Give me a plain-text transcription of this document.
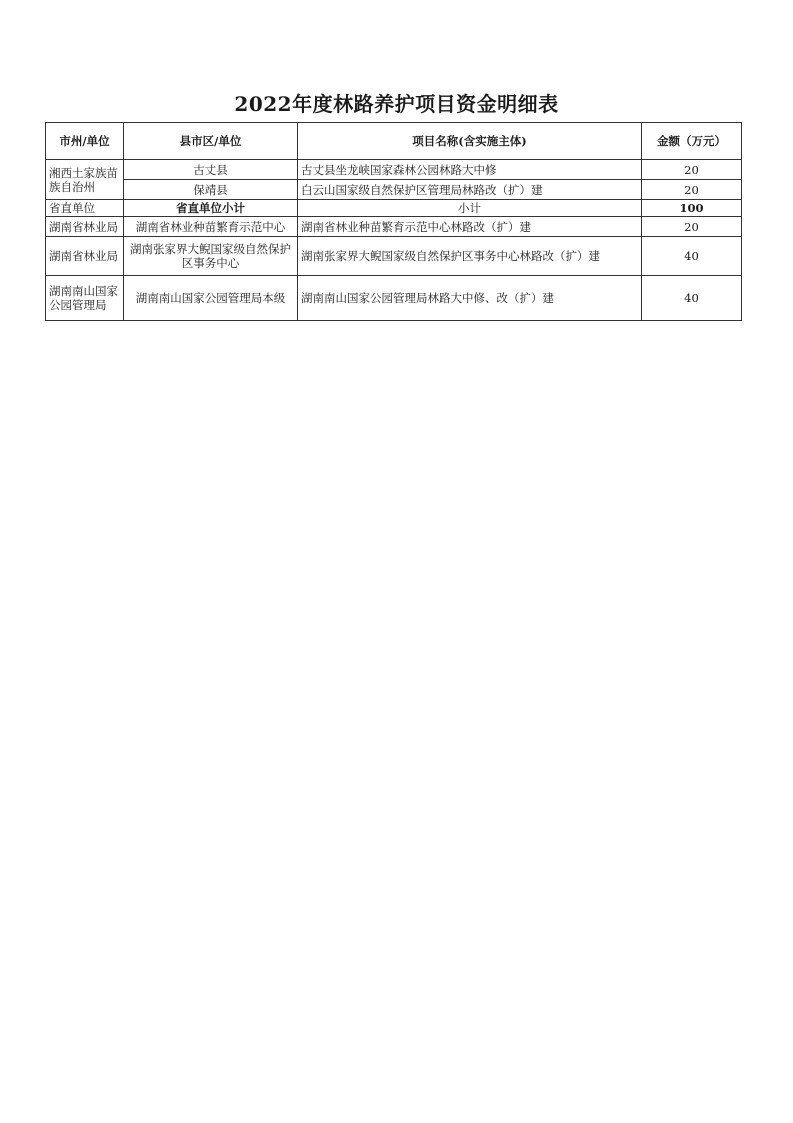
2022年度林路养护项目资金明细表
市州/单位	县市区/单位	项目名称(含实施主体)	金额（万元）
湘西土家族苗族自治州	古丈县	古丈县坐龙峡国家森林公园林路大中修	20
	保靖县	白云山国家级自然保护区管理局林路改（扩）建	20
省直单位	省直单位小计	小计	100
湖南省林业局	湖南省林业种苗繁育示范中心	湖南省林业种苗繁育示范中心林路改（扩）建	20
湖南省林业局	湖南张家界大鲵国家级自然保护区事务中心	湖南张家界大鲵国家级自然保护区事务中心林路改（扩）建	40
湖南南山国家公园管理局	湖南南山国家公园管理局本级	湖南南山国家公园管理局林路大中修、改（扩）建	40
